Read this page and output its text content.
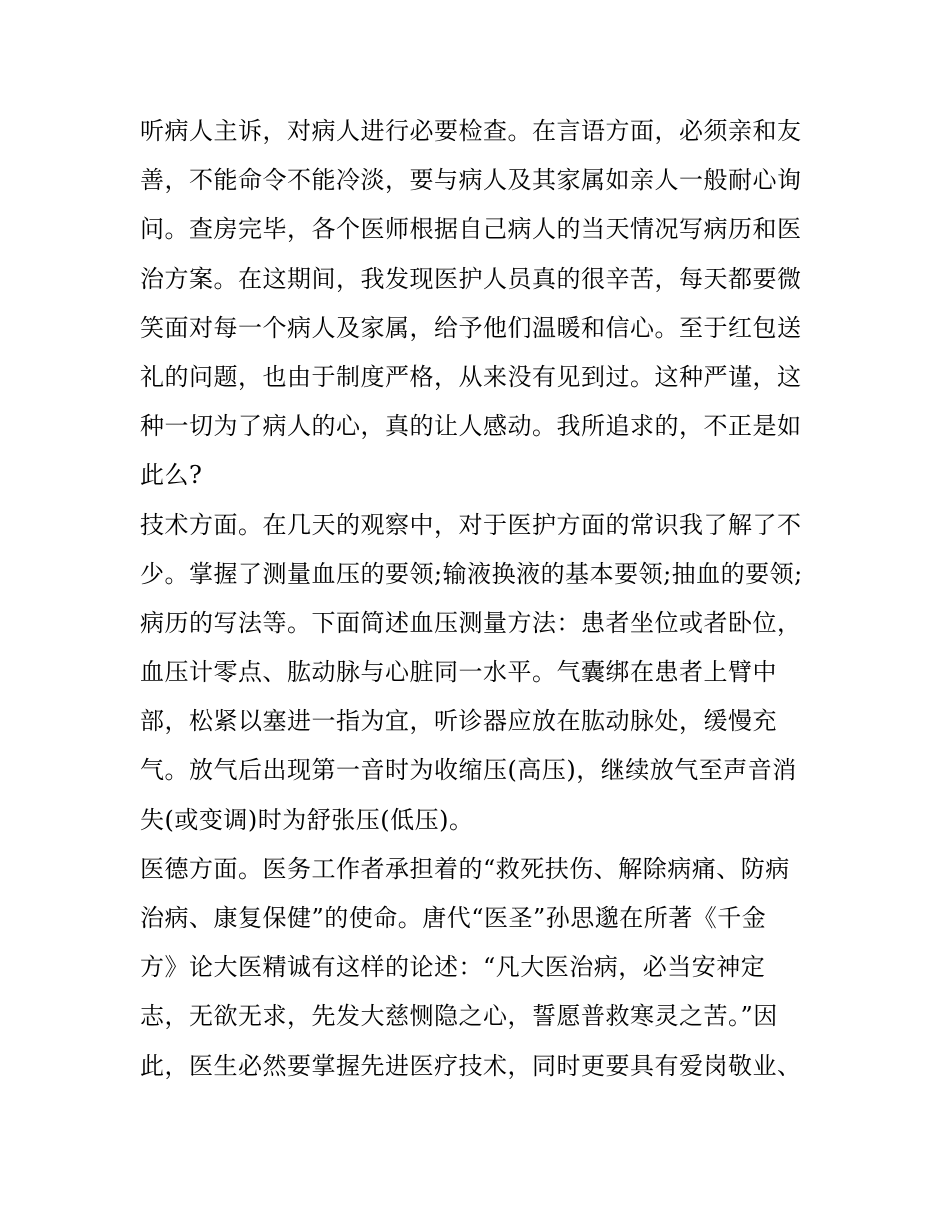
听病人主诉，对病人进行必要检查。在言语方面，必须亲和友
善，不能命令不能冷淡，要与病人及其家属如亲人一般耐心询
问。查房完毕，各个医师根据自己病人的当天情况写病历和医
治方案。在这期间，我发现医护人员真的很辛苦，每天都要微
笑面对每一个病人及家属，给予他们温暖和信心。至于红包送
礼的问题，也由于制度严格，从来没有见到过。这种严谨，这
种一切为了病人的心，真的让人感动。我所追求的，不正是如
此么?
技术方面。在几天的观察中，对于医护方面的常识我了解了不
少。掌握了测量血压的要领;输液换液的基本要领;抽血的要领;
病历的写法等。下面简述血压测量方法：患者坐位或者卧位，
血压计零点、肱动脉与心脏同一水平。气囊绑在患者上臂中
部，松紧以塞进一指为宜，听诊器应放在肱动脉处，缓慢充
气。放气后出现第一音时为收缩压(高压)，继续放气至声音消
失(或变调)时为舒张压(低压)。
医德方面。医务工作者承担着的“救死扶伤、解除病痛、防病
治病、康复保健”的使命。唐代“医圣”孙思邈在所著《千金
方》论大医精诚有这样的论述：“凡大医治病，必当安神定
志，无欲无求，先发大慈恻隐之心，誓愿普救寒灵之苦。”因
此，医生必然要掌握先进医疗技术，同时更要具有爱岗敬业、
